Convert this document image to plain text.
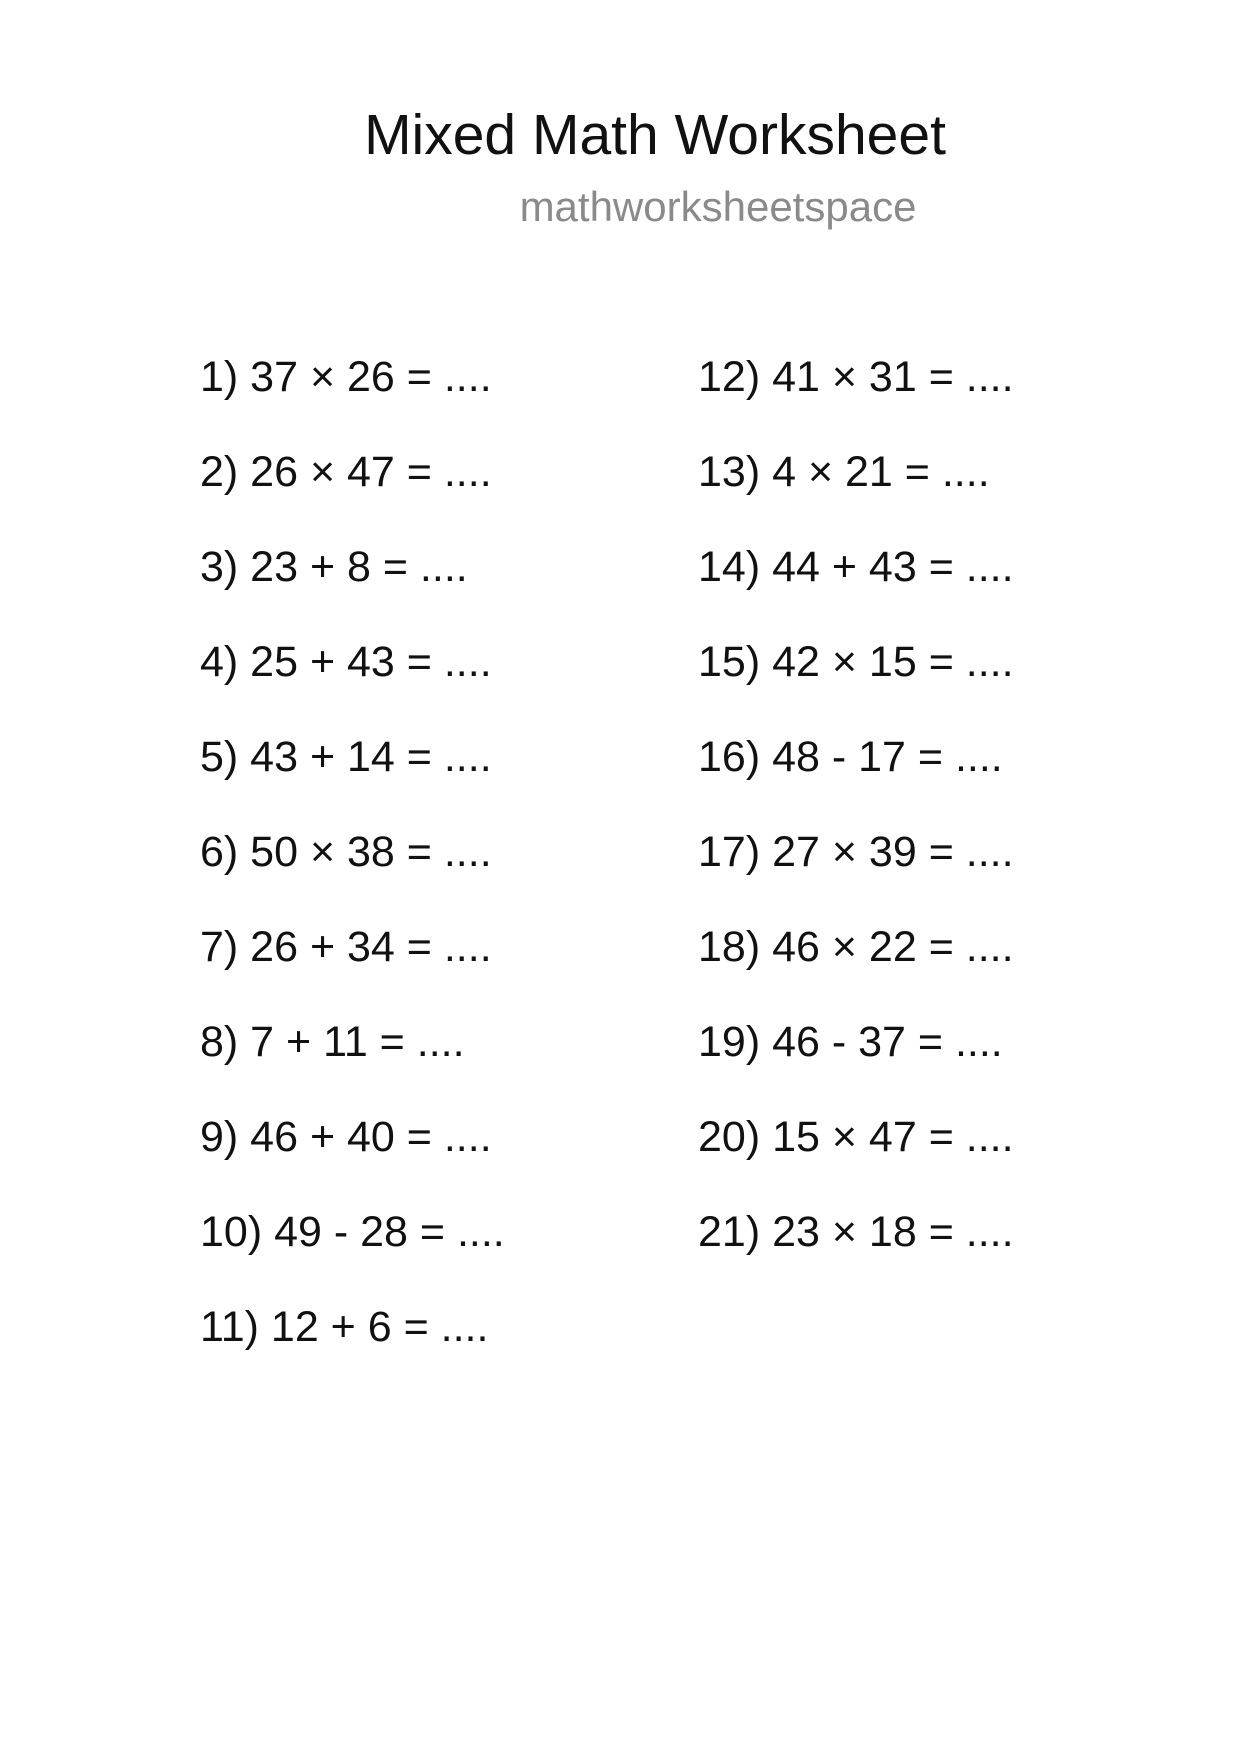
Mixed Math Worksheet
mathworksheetspace
1) 37 × 26 = ....
2) 26 × 47 = ....
3) 23 + 8 = ....
4) 25 + 43 = ....
5) 43 + 14 = ....
6) 50 × 38 = ....
7) 26 + 34 = ....
8) 7 + 11 = ....
9) 46 + 40 = ....
10) 49 - 28 = ....
11) 12 + 6 = ....
12) 41 × 31 = ....
13) 4 × 21 = ....
14) 44 + 43 = ....
15) 42 × 15 = ....
16) 48 - 17 = ....
17) 27 × 39 = ....
18) 46 × 22 = ....
19) 46 - 37 = ....
20) 15 × 47 = ....
21) 23 × 18 = ....
